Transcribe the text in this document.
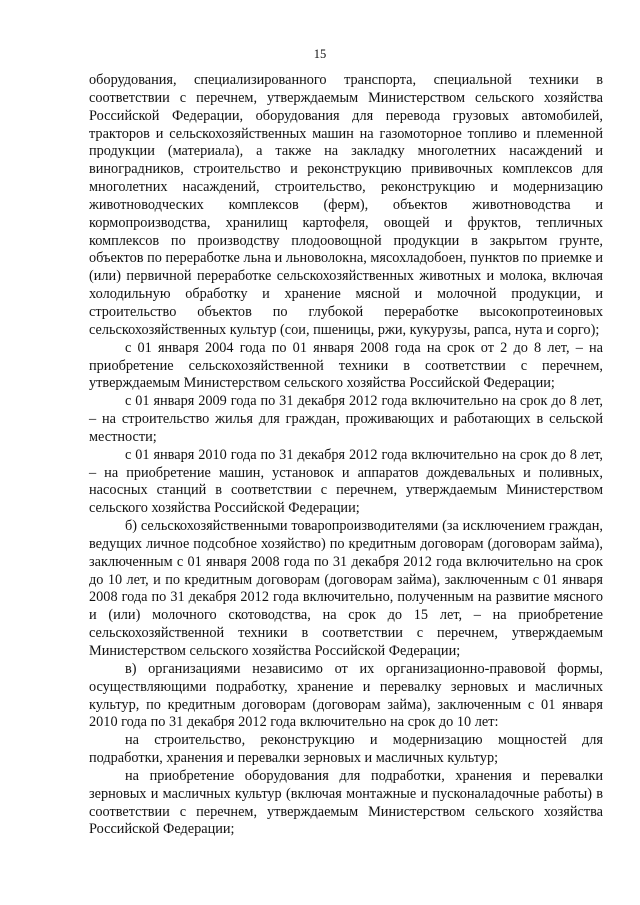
15

оборудования, специализированного транспорта, специальной техники в соответствии с перечнем, утверждаемым Министерством сельского хозяйства Российской Федерации, оборудования для перевода грузовых автомобилей, тракторов и сельскохозяйственных машин на газомоторное топливо и племенной продукции (материала), а также на закладку многолетних насаждений и виноградников, строительство и реконструкцию прививочных комплексов для многолетних насаждений, строительство, реконструкцию и модернизацию животноводческих комплексов (ферм), объектов животноводства и кормопроизводства, хранилищ картофеля, овощей и фруктов, тепличных комплексов по производству плодоовощной продукции в закрытом грунте, объектов по переработке льна и льноволокна, мясохладобоен, пунктов по приемке и (или) первичной переработке сельскохозяйственных животных и молока, включая холодильную обработку и хранение мясной и молочной продукции, и строительство объектов по глубокой переработке высокопротеиновых сельскохозяйственных культур (сои, пшеницы, ржи, кукурузы, рапса, нута и сорго);

с 01 января 2004 года по 01 января 2008 года на срок от 2 до 8 лет, – на приобретение сельскохозяйственной техники в соответствии с перечнем, утверждаемым Министерством сельского хозяйства Российской Федерации;

с 01 января 2009 года по 31 декабря 2012 года включительно на срок до 8 лет, – на строительство жилья для граждан, проживающих и работающих в сельской местности;

с 01 января 2010 года по 31 декабря 2012 года включительно на срок до 8 лет, – на приобретение машин, установок и аппаратов дождевальных и поливных, насосных станций в соответствии с перечнем, утверждаемым Министерством сельского хозяйства Российской Федерации;

б) сельскохозяйственными товаропроизводителями (за исключением граждан, ведущих личное подсобное хозяйство) по кредитным договорам (договорам займа), заключенным с 01 января 2008 года по 31 декабря 2012 года включительно на срок до 10 лет, и по кредитным договорам (договорам займа), заключенным с 01 января 2008 года по 31 декабря 2012 года включительно, полученным на развитие мясного и (или) молочного скотоводства, на срок до 15 лет, – на приобретение сельскохозяйственной техники в соответствии с перечнем, утверждаемым Министерством сельского хозяйства Российской Федерации;

в) организациями независимо от их организационно-правовой формы, осуществляющими подработку, хранение и перевалку зерновых и масличных культур, по кредитным договорам (договорам займа), заключенным с 01 января 2010 года по 31 декабря 2012 года включительно на срок до 10 лет:

на строительство, реконструкцию и модернизацию мощностей для подработки, хранения и перевалки зерновых и масличных культур;

на приобретение оборудования для подработки, хранения и перевалки зерновых и масличных культур (включая монтажные и пусконаладочные работы) в соответствии с перечнем, утверждаемым Министерством сельского хозяйства Российской Федерации;
